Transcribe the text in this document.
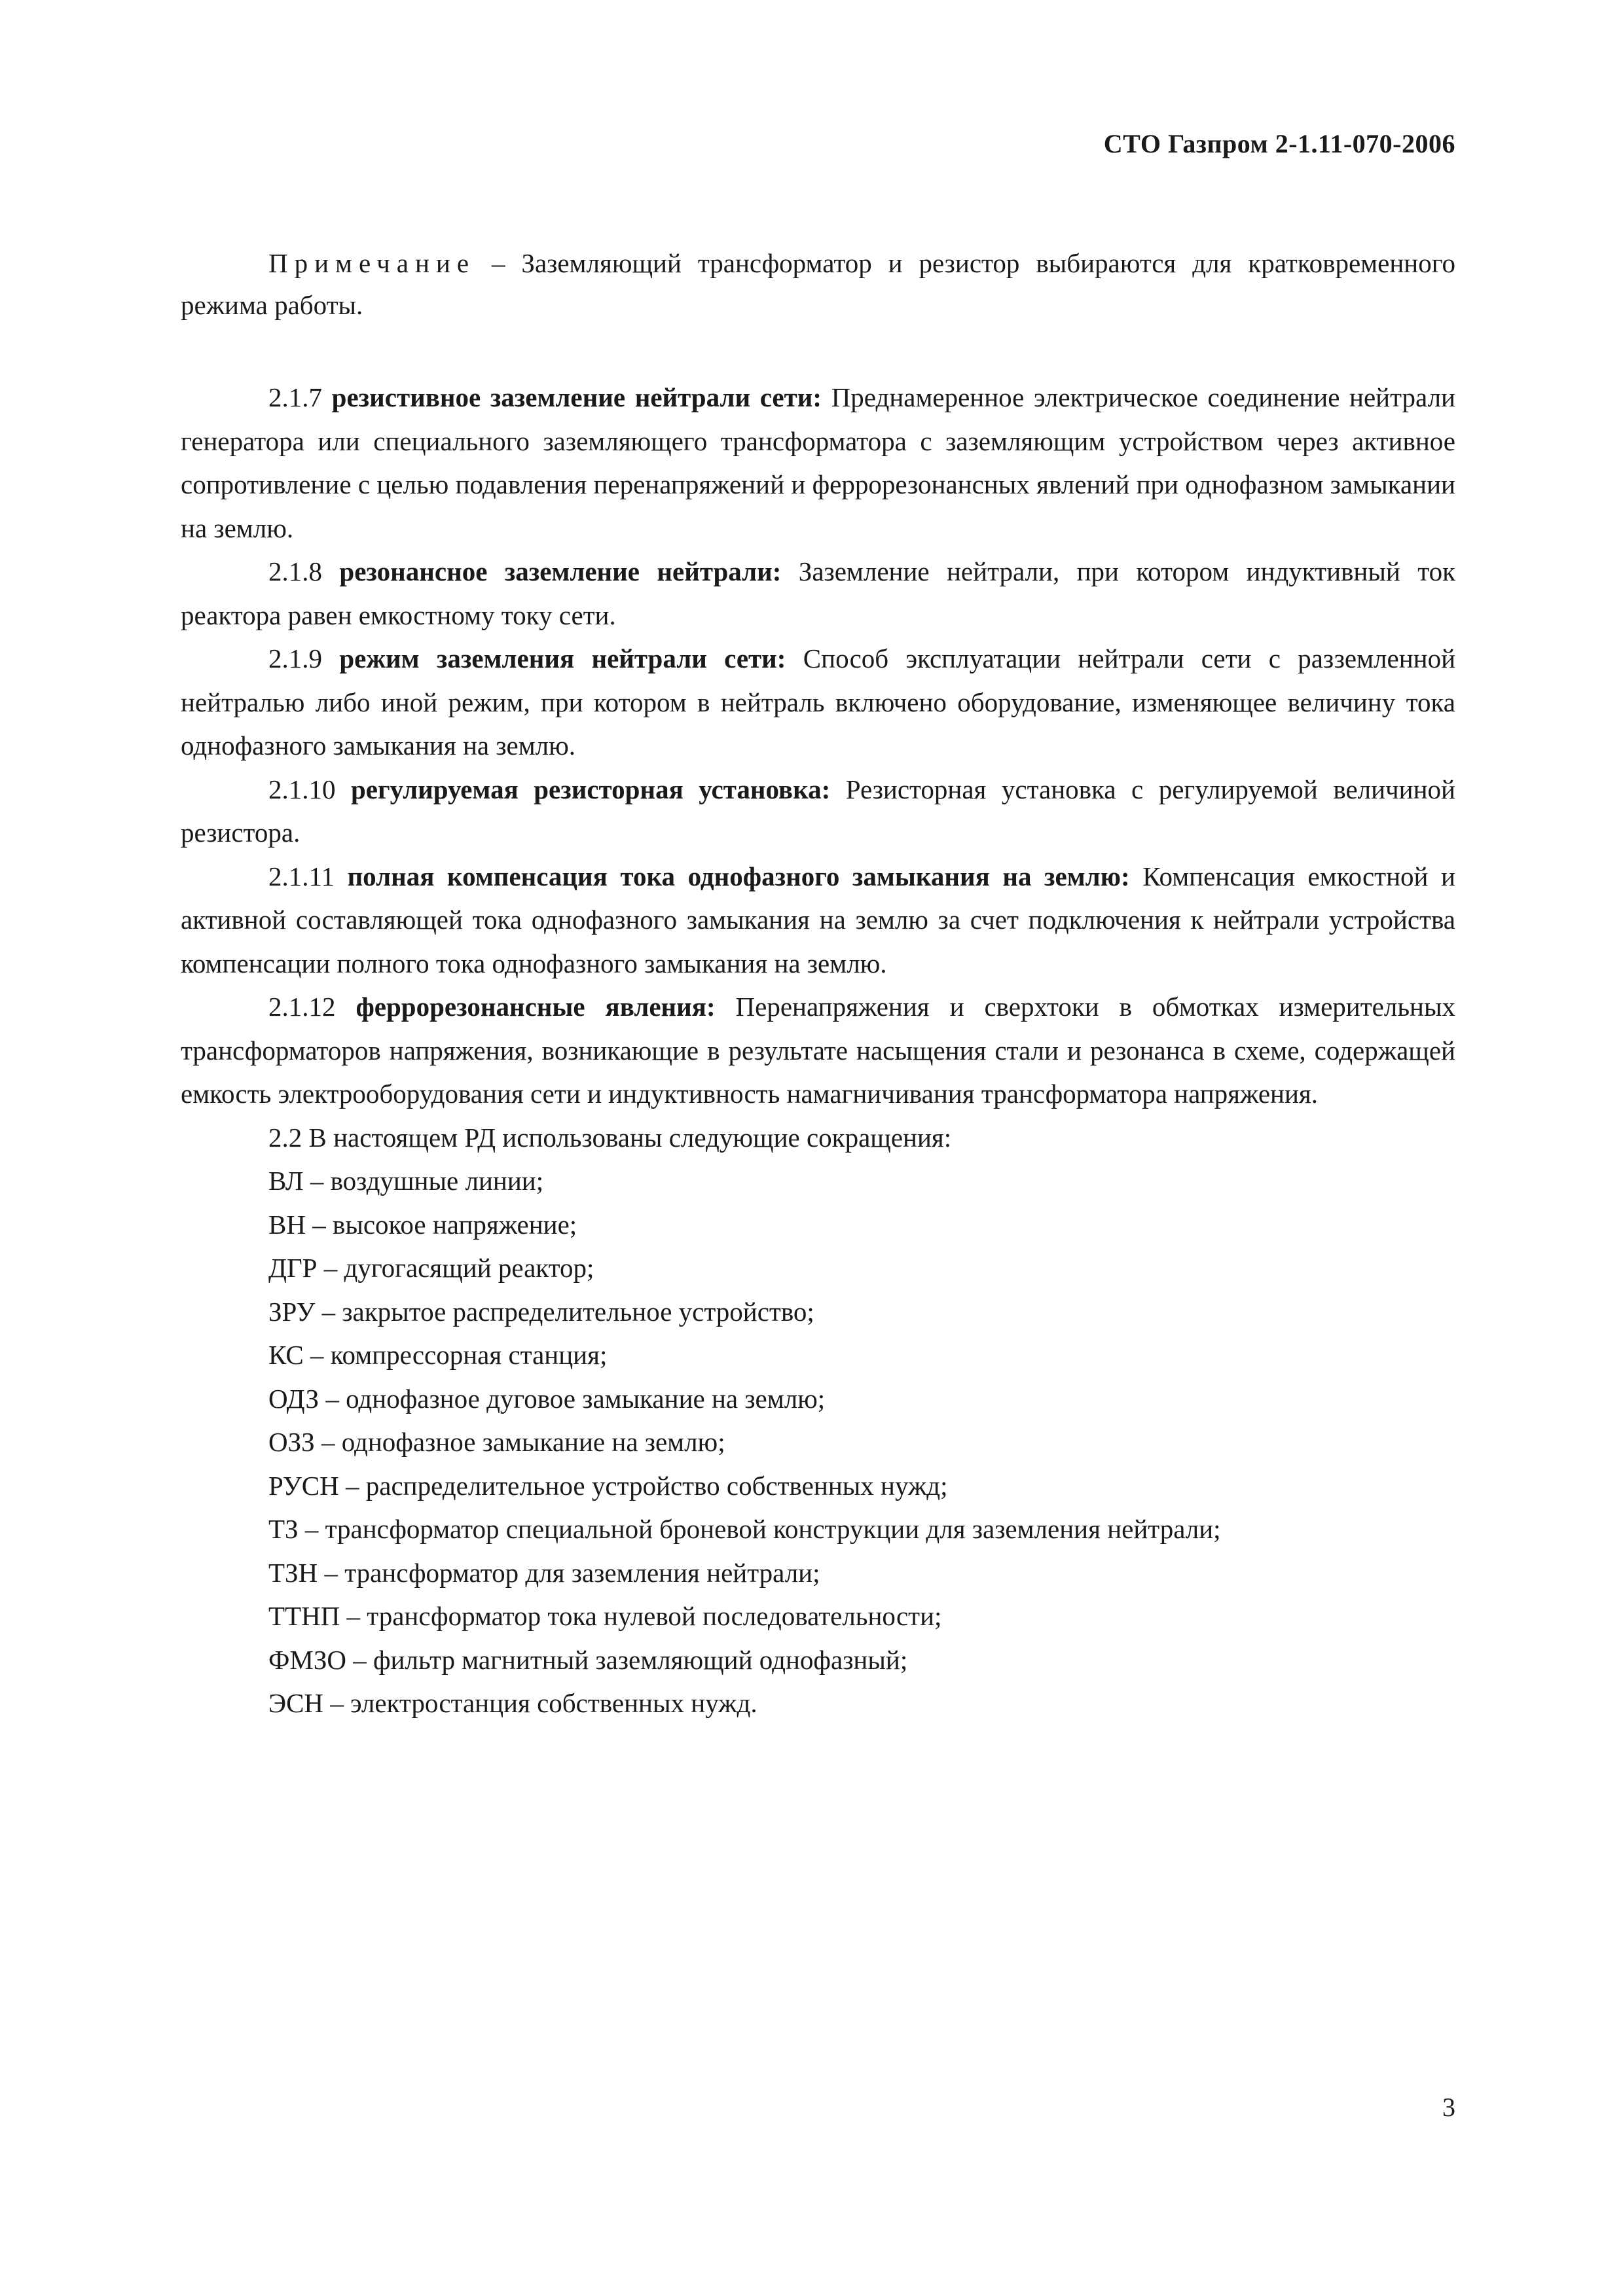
СТО Газпром 2-1.11-070-2006
Примечание – Заземляющий трансформатор и резистор выбираются для кратковременного режима работы.

2.1.7 резистивное заземление нейтрали сети: Преднамеренное электрическое соединение нейтрали генератора или специального заземляющего трансформатора с заземляющим устройством через активное сопротивление с целью подавления перенапряжений и феррорезонансных явлений при однофазном замыкании на землю.

2.1.8 резонансное заземление нейтрали: Заземление нейтрали, при котором индуктивный ток реактора равен емкостному току сети.

2.1.9 режим заземления нейтрали сети: Способ эксплуатации нейтрали сети с разземленной нейтралью либо иной режим, при котором в нейтраль включено оборудование, изменяющее величину тока однофазного замыкания на землю.

2.1.10 регулируемая резисторная установка: Резисторная установка с регулируемой величиной резистора.

2.1.11 полная компенсация тока однофазного замыкания на землю: Компенсация емкостной и активной составляющей тока однофазного замыкания на землю за счет подключения к нейтрали устройства компенсации полного тока однофазного замыкания на землю.

2.1.12 феррорезонансные явления: Перенапряжения и сверхтоки в обмотках измерительных трансформаторов напряжения, возникающие в результате насыщения стали и резонанса в схеме, содержащей емкость электрооборудования сети и индуктивность намагничивания трансформатора напряжения.

2.2 В настоящем РД использованы следующие сокращения:

ВЛ – воздушные линии;

ВН – высокое напряжение;

ДГР – дугогасящий реактор;

ЗРУ – закрытое распределительное устройство;

КС – компрессорная станция;

ОДЗ – однофазное дуговое замыкание на землю;

ОЗЗ – однофазное замыкание на землю;

РУСН – распределительное устройство собственных нужд;

ТЗ – трансформатор специальной броневой конструкции для заземления нейтрали;

ТЗН – трансформатор для заземления нейтрали;

ТТНП – трансформатор тока нулевой последовательности;

ФМЗО – фильтр магнитный заземляющий однофазный;

ЭСН – электростанция собственных нужд.

3
